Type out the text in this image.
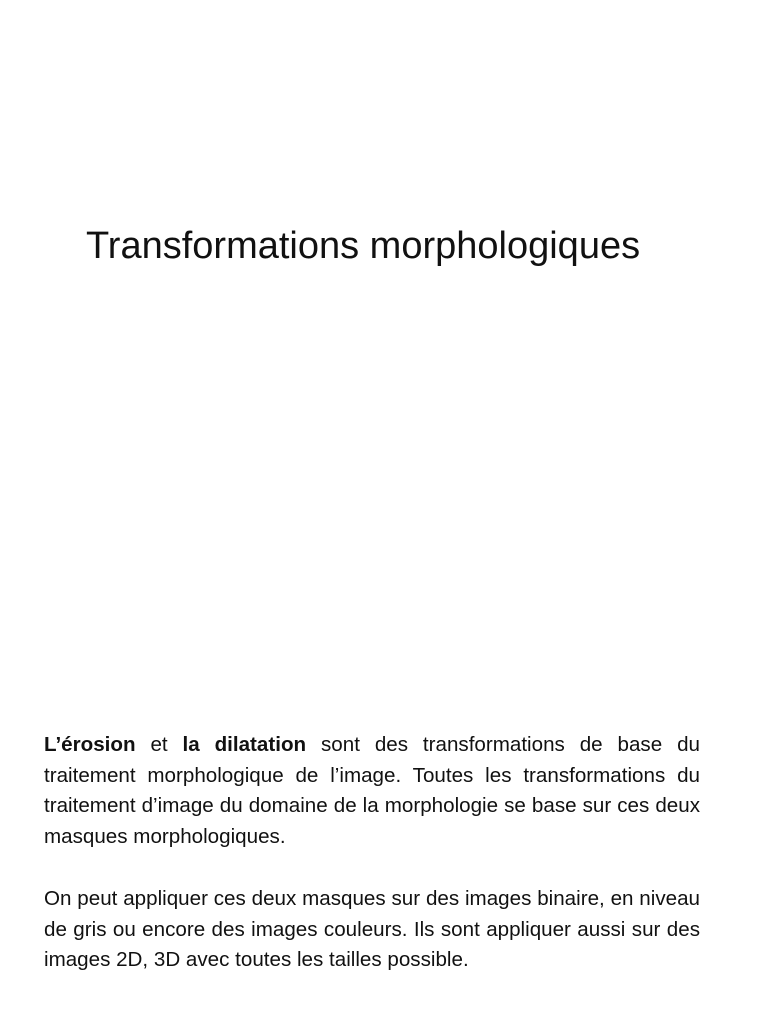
Transformations morphologiques

L’érosion et la dilatation sont des transformations de base du traitement morphologique de l’image. Toutes les transformations du traitement d’image du domaine de la morphologie se base sur ces deux masques morphologiques.

On peut appliquer ces deux masques sur des images binaire, en niveau de gris ou encore des images couleurs. Ils sont appliquer aussi sur des images 2D, 3D avec toutes les tailles possible.
